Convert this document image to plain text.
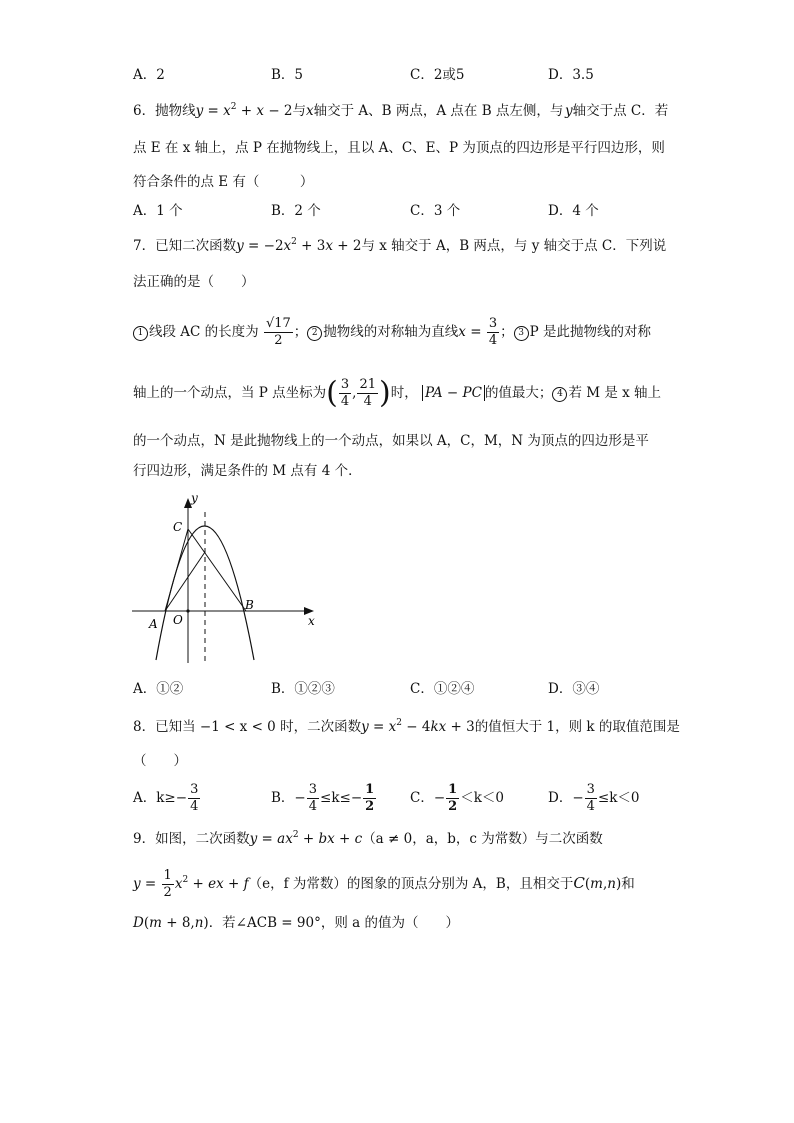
A．2	B．5	C．2或5	D．3.5
6．抛物线$y = x^2 + x - 2$与x轴交于 A、B 两点，A 点在 B 点左侧，与 y轴交于点 C．若
点 E 在 x 轴上，点 P 在抛物线上，且以 A、C、E、P 为顶点的四边形是平行四边形，则
符合条件的点 E 有（　　　）
A．1 个	B．2 个	C．3 个	D．4 个
7．已知二次函数$y = -2x^2 + 3x + 2$与 x 轴交于 A，B 两点，与 y 轴交于点 C．下列说
法正确的是（　　）
1 线段 AC 的长度为 $\frac{√17}{2}$ ； 2 抛物线的对称轴为直线$x = \frac{3}{4}$ ； 3 P 是此抛物线的对称
轴上的一个动点，当 P 点坐标为( $\frac{3}{4}$ , $\frac{21}{4}$ )时， PA − PC 的值最大； 4 若 M 是 x 轴上
的一个动点，N 是此抛物线上的一个动点，如果以 A，C，M，N 为顶点的四边形是平
行四边形，满足条件的 M 点有 4 个．
y
x
C
B
A O
A．①②	B．①②③	C．①②④	D．③④
8．已知当 −1 < x < 0 时，二次函数$y = x^2 - 4kx + 3$的值恒大于 1，则 k 的取值范围是
（　　）
A．$k\ge- \frac{3}{4}$	B．− $\frac{3}{4} \le k\le- \frac{1}{2}$	C．− $\frac{1}{2} <k<0$	D．− $\frac{3}{4} \le k<0$
9．如图，二次函数$y = ax^2$ + bx + c（a ≠ 0，a，b，c 为常数）与二次函数
$y = \frac{1}{2} x^2$ + ex + f（e，f 为常数）的图象的顶点分别为 A，B，且相交于C(m,n)和
D(m + 8,n)．若∠ACB = 90°，则 a 的值为（　　）
